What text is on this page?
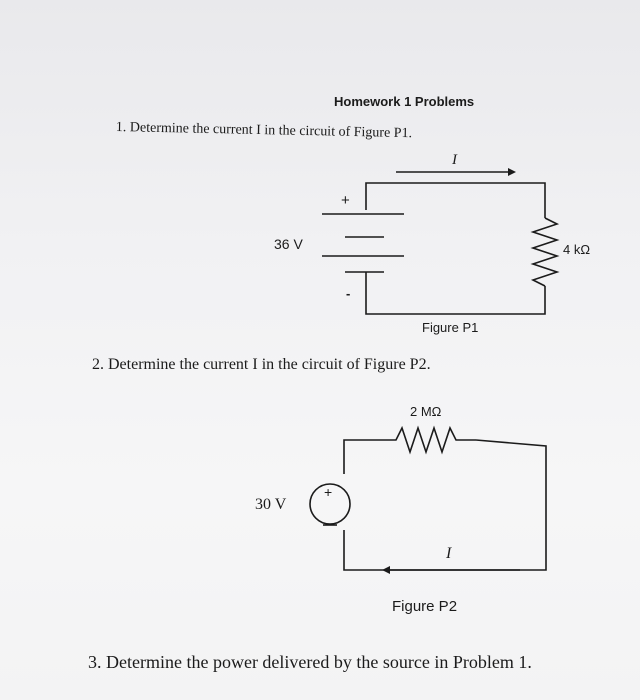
Homework 1 Problems
1. Determine the current I in the circuit of Figure P1.
2. Determine the current I in the circuit of Figure P2.
3. Determine the power delivered by the source in Problem 1.
I
+
-
36 V	4 kΩ
Figure P1
2 MΩ
30 V
+
I
Figure P2
